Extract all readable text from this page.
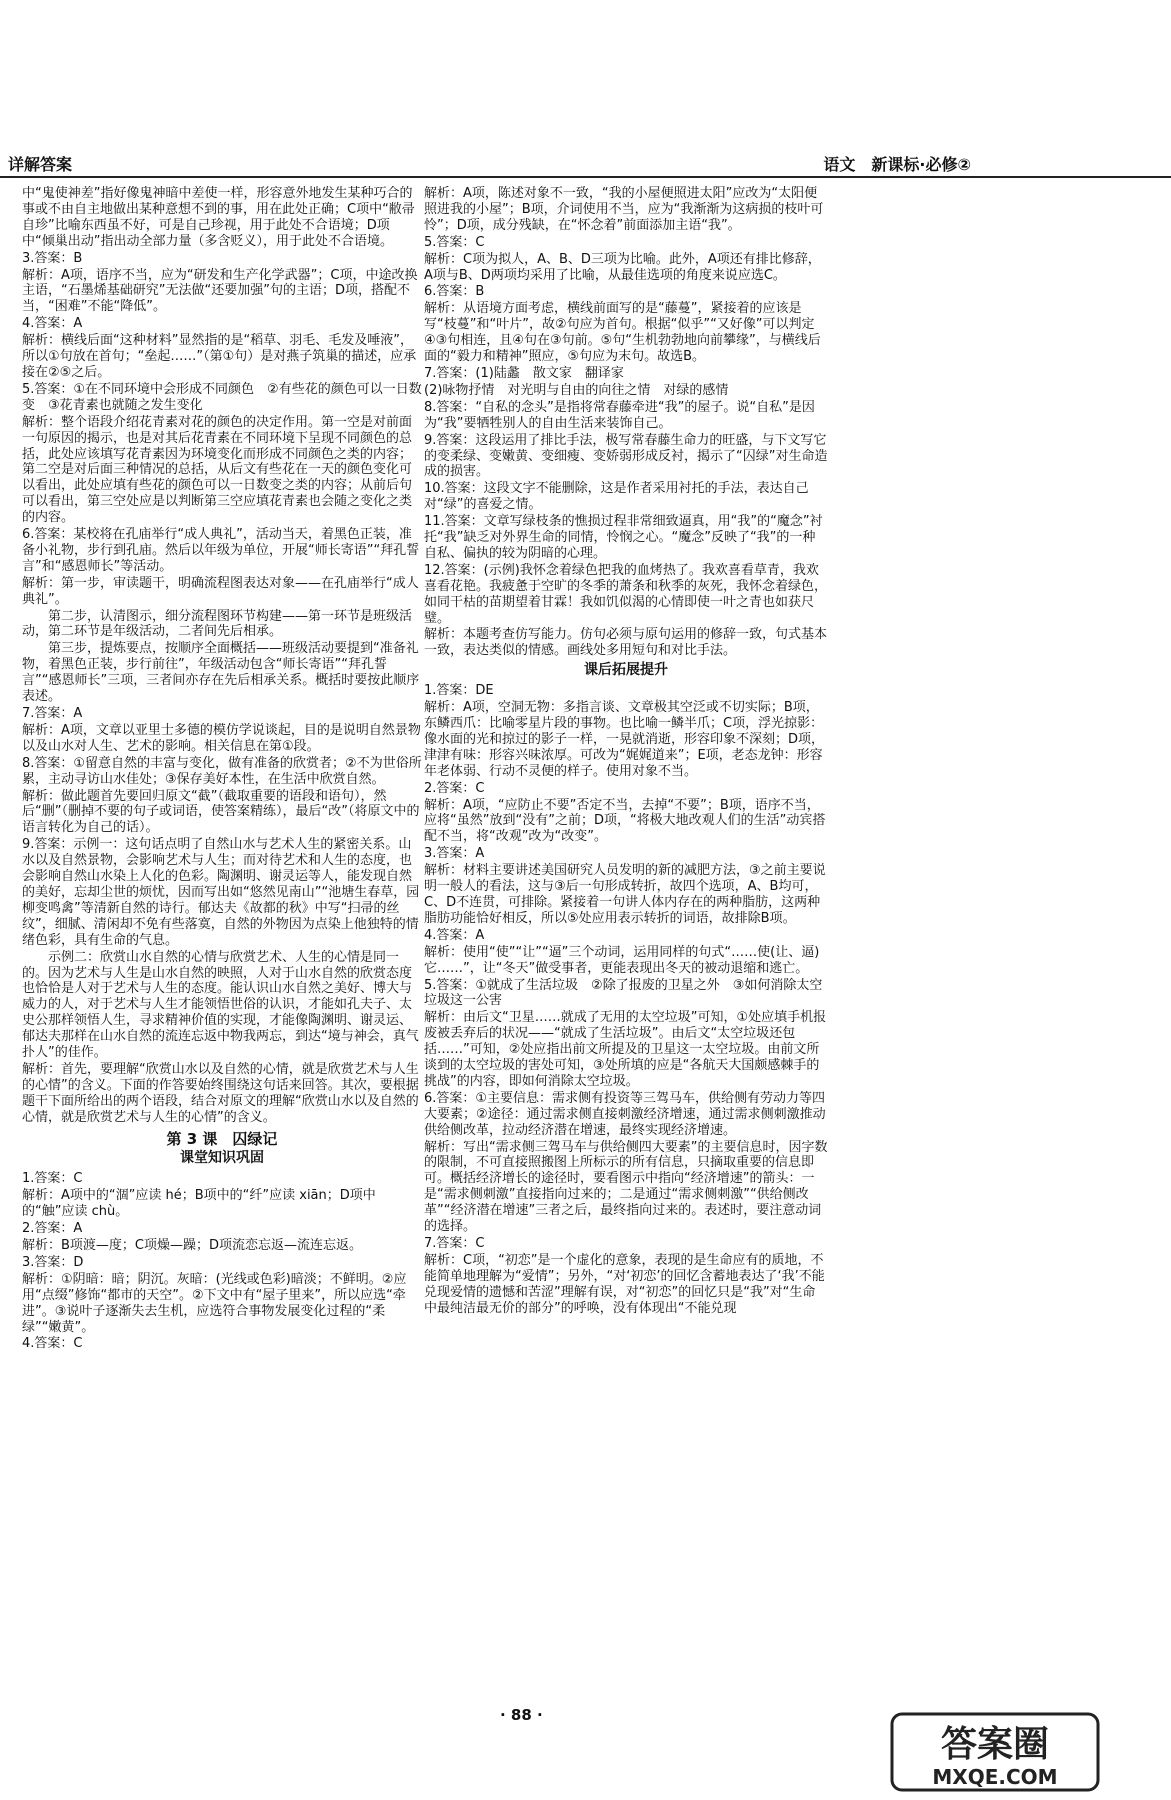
详解答案	语文　新课标·必修②
中“鬼使神差”指好像鬼神暗中差使一样，形容意外地发生某种巧合的事或不由自主地做出某种意想不到的事，用在此处正确；C项中“敝帚自珍”比喻东西虽不好，可是自己珍视，用于此处不合语境；D项中“倾巢出动”指出动全部力量（多含贬义），用于此处不合语境。
3.答案：B
解析：A项，语序不当，应为“研发和生产化学武器”；C项，中途改换主语，“石墨烯基础研究”无法做“还要加强”句的主语；D项，搭配不当，“困难”不能“降低”。
4.答案：A
解析：横线后面“这种材料”显然指的是“稻草、羽毛、毛发及唾液”，所以①句放在首句；“垒起……”（第①句）是对燕子筑巢的描述，应承接在②⑤之后。
5.答案：①在不同环境中会形成不同颜色　②有些花的颜色可以一日数变　③花青素也就随之发生变化
解析：整个语段介绍花青素对花的颜色的决定作用。第一空是对前面一句原因的揭示，也是对其后花青素在不同环境下呈现不同颜色的总括，此处应该填写花青素因为环境变化而形成不同颜色之类的内容；第二空是对后面三种情况的总括，从后文有些花在一天的颜色变化可以看出，此处应填有些花的颜色可以一日数变之类的内容；从前后句可以看出，第三空处应是以判断第三空应填花青素也会随之变化之类的内容。
6.答案：某校将在孔庙举行“成人典礼”，活动当天，着黑色正装，准备小礼物，步行到孔庙。然后以年级为单位，开展“师长寄语”“拜孔誓言”和“感恩师长”等活动。
解析：第一步，审读题干，明确流程图表达对象——在孔庙举行“成人典礼”。
　　第二步，认清图示，细分流程图环节构建——第一环节是班级活动，第二环节是年级活动，二者间先后相承。
　　第三步，提炼要点，按顺序全面概括——班级活动要提到“准备礼物，着黑色正装，步行前往”，年级活动包含“师长寄语”“拜孔誓言”“感恩师长”三项，三者间亦存在先后相承关系。概括时要按此顺序表述。
7.答案：A
解析：A项，文章以亚里士多德的模仿学说谈起，目的是说明自然景物以及山水对人生、艺术的影响。相关信息在第①段。
8.答案：①留意自然的丰富与变化，做有准备的欣赏者；②不为世俗所累，主动寻访山水佳处；③保存美好本性，在生活中欣赏自然。
解析：做此题首先要回归原文“截”（截取重要的语段和语句），然后“删”（删掉不要的句子或词语，使答案精练），最后“改”（将原文中的语言转化为自己的话）。
9.答案：示例一：这句话点明了自然山水与艺术人生的紧密关系。山水以及自然景物，会影响艺术与人生；而对待艺术和人生的态度，也会影响自然山水染上人化的色彩。陶渊明、谢灵运等人，能发现自然的美好，忘却尘世的烦忧，因而写出如“悠然见南山”“池塘生春草，园柳变鸣禽”等清新自然的诗行。郁达夫《故都的秋》中写“扫帚的丝纹”，细腻、清闲却不免有些落寞，自然的外物因为点染上他独特的情绪色彩，具有生命的气息。
　　示例二：欣赏山水自然的心情与欣赏艺术、人生的心情是同一的。因为艺术与人生是山水自然的映照，人对于山水自然的欣赏态度也恰恰是人对于艺术与人生的态度。能认识山水自然之美好、博大与威力的人，对于艺术与人生才能领悟世俗的认识，才能如孔夫子、太史公那样领悟人生，寻求精神价值的实现，才能像陶渊明、谢灵运、郁达夫那样在山水自然的流连忘返中物我两忘，到达“境与神会，真气扑人”的佳作。
解析：首先，要理解“欣赏山水以及自然的心情，就是欣赏艺术与人生的心情”的含义。下面的作答要始终围绕这句话来回答。其次，要根据题干下面所给出的两个语段，结合对原文的理解“欣赏山水以及自然的心情，就是欣赏艺术与人生的心情”的含义。
第 3 课　囚绿记
课堂知识巩固
1.答案：C
解析：A项中的“涸”应读 hé；B项中的“纤”应读 xiān；D项中的“触”应读 chù。
2.答案：A
解析：B项渡—度；C项燥—躁；D项流恋忘返—流连忘返。
3.答案：D
解析：①阴暗：暗；阴沉。灰暗：(光线或色彩)暗淡；不鲜明。②应用“点缀”修饰“都市的天空”。②下文中有“屋子里来”，所以应选“牵进”。③说叶子逐渐失去生机，应选符合事物发展变化过程的“柔绿”“嫩黄”。
4.答案：C
解析：A项，陈述对象不一致，“我的小屋便照进太阳”应改为“太阳便照进我的小屋”；B项，介词使用不当，应为“我渐渐为这病损的枝叶可怜”；D项，成分残缺，在“怀念着”前面添加主语“我”。
5.答案：C
解析：C项为拟人，A、B、D三项为比喻。此外，A项还有排比修辞，A项与B、D两项均采用了比喻，从最佳选项的角度来说应选C。
6.答案：B
解析：从语境方面考虑，横线前面写的是“藤蔓”，紧接着的应该是写“枝蔓”和“叶片”，故②句应为首句。根据“似乎”“又好像”可以判定④③句相连，且④句在③句前。⑤句“生机勃勃地向前攀缘”，与横线后面的“毅力和精神”照应，⑤句应为末句。故选B。
7.答案：(1)陆蠡　散文家　翻译家
(2)咏物抒情　对光明与自由的向往之情　对绿的感情
8.答案：“自私的念头”是指将常春藤牵进“我”的屋子。说“自私”是因为“我”要牺牲别人的自由生活来装饰自己。
9.答案：这段运用了排比手法，极写常春藤生命力的旺盛，与下文写它的变柔绿、变嫩黄、变细瘦、变娇弱形成反衬，揭示了“囚绿”对生命造成的损害。
10.答案：这段文字不能删除，这是作者采用衬托的手法，表达自己对“绿”的喜爱之情。
11.答案：文章写绿枝条的憔损过程非常细致逼真，用“我”的“魔念”衬托“我”缺乏对外界生命的同情，怜悯之心。“魔念”反映了“我”的一种自私、偏执的较为阴暗的心理。
12.答案：(示例)我怀念着绿色把我的血烤热了。我欢喜看草青，我欢喜看花艳。我疲惫于空旷的冬季的萧条和秋季的灰死，我怀念着绿色，如同干枯的苗期望着甘霖！我如饥似渴的心情即使一叶之青也如获尺璧。
解析：本题考查仿写能力。仿句必须与原句运用的修辞一致，句式基本一致，表达类似的情感。画线处多用短句和对比手法。
课后拓展提升
1.答案：DE
解析：A项，空洞无物：多指言谈、文章极其空泛或不切实际；B项，东鳞西爪：比喻零星片段的事物。也比喻一鳞半爪；C项，浮光掠影：像水面的光和掠过的影子一样，一晃就消逝，形容印象不深刻；D项，津津有味：形容兴味浓厚。可改为“娓娓道来”；E项，老态龙钟：形容年老体弱、行动不灵便的样子。使用对象不当。
2.答案：C
解析：A项，“应防止不要”否定不当，去掉“不要”；B项，语序不当，应将“虽然”放到“没有”之前；D项，“将极大地改观人们的生活”动宾搭配不当，将“改观”改为“改变”。
3.答案：A
解析：材料主要讲述美国研究人员发明的新的减肥方法，③之前主要说明一般人的看法，这与③后一句形成转折，故四个选项，A、B均可，C、D不连贯，可排除。紧接着一句讲人体内存在的两种脂肪，这两种脂肪功能恰好相反，所以⑤处应用表示转折的词语，故排除B项。
4.答案：A
解析：使用“使”“让”“逼”三个动词，运用同样的句式“……使(让、逼)它……”，让“冬天”做受事者，更能表现出冬天的被动退缩和逃亡。
5.答案：①就成了生活垃圾　②除了报废的卫星之外　③如何消除太空垃圾这一公害
解析：由后文“卫星……就成了无用的太空垃圾”可知，①处应填手机报废被丢弃后的状况——“就成了生活垃圾”。由后文“太空垃圾还包括……”可知，②处应指出前文所提及的卫星这一太空垃圾。由前文所谈到的太空垃圾的害处可知，③处所填的应是“各航天大国颇感棘手的挑战”的内容，即如何消除太空垃圾。
6.答案：①主要信息：需求侧有投资等三驾马车，供给侧有劳动力等四大要素；②途径：通过需求侧直接刺激经济增速，通过需求侧刺激推动供给侧改革，拉动经济潜在增速，最终实现经济增速。
解析：写出“需求侧三驾马车与供给侧四大要素”的主要信息时，因字数的限制，不可直接照搬图上所标示的所有信息，只摘取重要的信息即可。概括经济增长的途径时，要看图示中指向“经济增速”的箭头：一是“需求侧刺激”直接指向过来的；二是通过“需求侧刺激”“供给侧改革”“经济潜在增速”三者之后，最终指向过来的。表述时，要注意动词的选择。
7.答案：C
解析：C项，“初恋”是一个虚化的意象，表现的是生命应有的质地，不能简单地理解为“爱情”；另外，“对‘初恋’的回忆含蓄地表达了‘我’不能兑现爱情的遗憾和苦涩”理解有误，对“初恋”的回忆只是“我”对“生命中最纯洁最无价的部分”的呼唤，没有体现出“不能兑现
· 88 ·
答案圈
MXQE.COM
